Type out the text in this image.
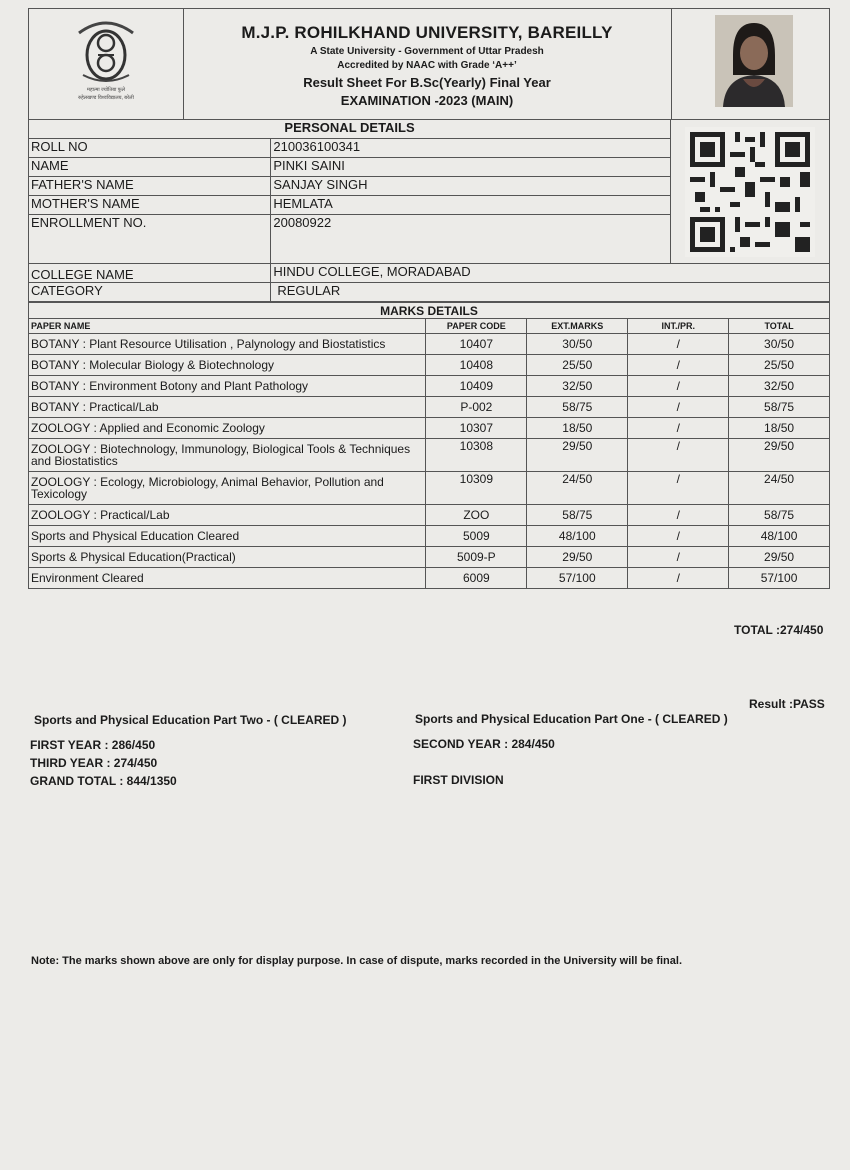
महात्मा ज्योतिबा फुले
रुहेलखण्ड विश्वविद्यालय, बरेली
M.J.P. ROHILKHAND UNIVERSITY, BAREILLY
A State University - Government of Uttar Pradesh
Accredited by NAAC with Grade ‘A++’
Result Sheet For B.Sc(Yearly) Final Year
EXAMINATION -2023 (MAIN)
PERSONAL DETAILS	

ROLL NO	210036100341	
NAME	PINKI SAINI	
FATHER'S NAME	SANJAY SINGH	
MOTHER'S NAME	HEMLATA	
ENROLLMENT NO.	20080922	
COLLEGE NAME	HINDU COLLEGE, MORADABAD	
CATEGORY	REGULAR	
MARKS DETAILS				
PAPER NAME	PAPER CODE	EXT.MARKS	INT./PR.	TOTAL
BOTANY : Plant Resource Utilisation , Palynology and Biostatistics	10407	30/50	/	30/50
BOTANY : Molecular Biology & Biotechnology	10408	25/50	/	25/50
BOTANY : Environment Botony and Plant Pathology	10409	32/50	/	32/50
BOTANY : Practical/Lab	P-002	58/75	/	58/75
ZOOLOGY : Applied and Economic Zoology	10307	18/50	/	18/50
ZOOLOGY : Biotechnology, Immunology, Biological Tools & Techniques and Biostatistics	10308	29/50	/	29/50
ZOOLOGY : Ecology, Microbiology, Animal Behavior, Pollution and Texicology	10309	24/50	/	24/50
ZOOLOGY : Practical/Lab	ZOO	58/75	/	58/75
Sports and Physical Education Cleared	5009	48/100	/	48/100
Sports & Physical Education(Practical)	5009-P	29/50	/	29/50
Environment Cleared	6009	57/100	/	57/100
TOTAL :274/450
Result :PASS
Sports and Physical Education Part Two - ( CLEARED )	Sports and Physical Education Part One - ( CLEARED )
FIRST YEAR : 286/450	SECOND YEAR : 284/450
THIRD YEAR : 274/450
GRAND TOTAL : 844/1350	FIRST DIVISION
Note: The marks shown above are only for display purpose. In case of dispute, marks recorded in the University will be final.
